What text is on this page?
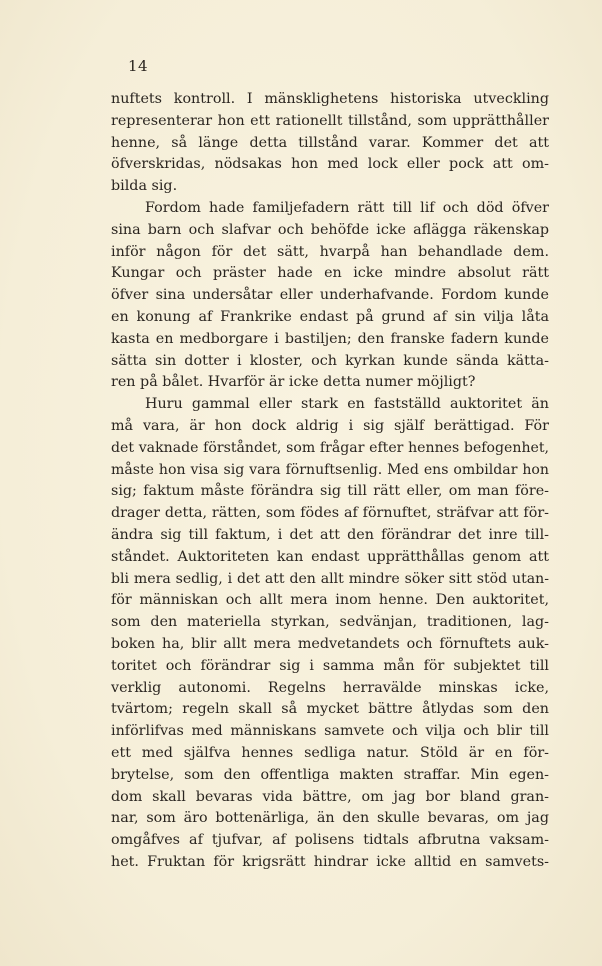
14
nuftets kontroll. I mänsklighetens historiska utveckling
representerar hon ett rationellt tillstånd, som upprätthåller
henne, så länge detta tillstånd varar. Kommer det att
öfverskridas, nödsakas hon med lock eller pock att om-
bilda sig.
Fordom hade familjefadern rätt till lif och död öfver
sina barn och slafvar och behöfde icke aflägga räkenskap
inför någon för det sätt, hvarpå han behandlade dem.
Kungar och präster hade en icke mindre absolut rätt
öfver sina undersåtar eller underhafvande. Fordom kunde
en konung af Frankrike endast på grund af sin vilja låta
kasta en medborgare i bastiljen; den franske fadern kunde
sätta sin dotter i kloster, och kyrkan kunde sända kätta-
ren på bålet. Hvarför är icke detta numer möjligt?
Huru gammal eller stark en fastställd auktoritet än
må vara, är hon dock aldrig i sig själf berättigad. För
det vaknade förståndet, som frågar efter hennes befogenhet,
måste hon visa sig vara förnuftsenlig. Med ens ombildar hon
sig; faktum måste förändra sig till rätt eller, om man före-
drager detta, rätten, som födes af förnuftet, sträfvar att för-
ändra sig till faktum, i det att den förändrar det inre till-
ståndet. Auktoriteten kan endast upprätthållas genom att
bli mera sedlig, i det att den allt mindre söker sitt stöd utan-
för människan och allt mera inom henne. Den auktoritet,
som den materiella styrkan, sedvänjan, traditionen, lag-
boken ha, blir allt mera medvetandets och förnuftets auk-
toritet och förändrar sig i samma mån för subjektet till
verklig autonomi. Regelns herravälde minskas icke,
tvärtom; regeln skall så mycket bättre åtlydas som den
införlifvas med människans samvete och vilja och blir till
ett med själfva hennes sedliga natur. Stöld är en för-
brytelse, som den offentliga makten straffar. Min egen-
dom skall bevaras vida bättre, om jag bor bland gran-
nar, som äro bottenärliga, än den skulle bevaras, om jag
omgåfves af tjufvar, af polisens tidtals afbrutna vaksam-
het. Fruktan för krigsrätt hindrar icke alltid en samvets-
